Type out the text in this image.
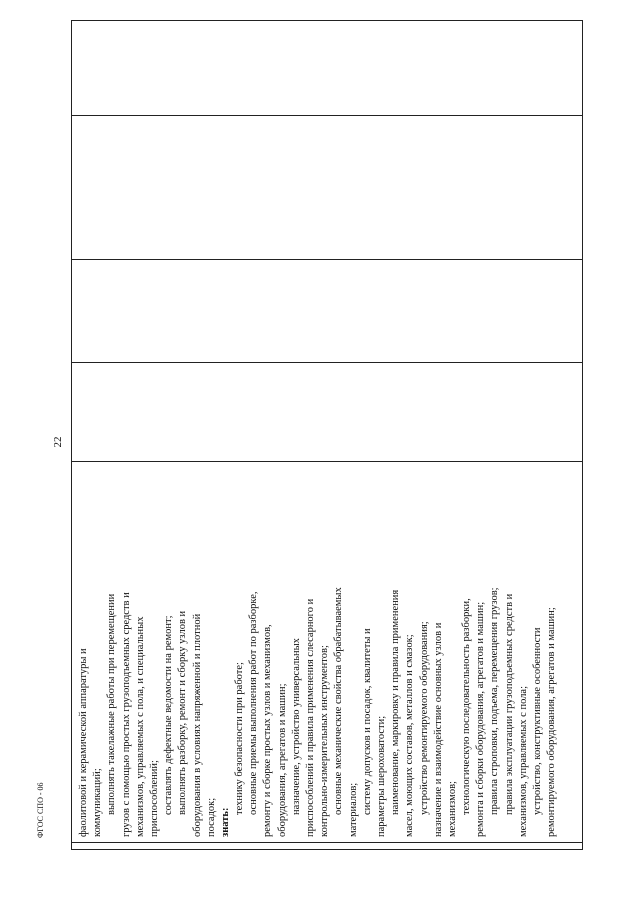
22
фаолитовой и керамической аппаратуры и коммуникаций; выполнять такелажные работы при перемещении грузов с помощью простых грузоподъемных средств и механизмов, управляемых с пола, и специальных приспособлений; составлять дефектные ведомости на ремонт; выполнять разборку, ремонт и сборку узлов и оборудования в условиях напряженной и плотной посадок; знать:
технику безопасности при работе; основные приемы выполнения работ по разборке, ремонту и сборке простых узлов и механизмов, оборудования, агрегатов и машин; назначение, устройство универсальных приспособлений и правила применения слесарного и контрольно-измерительных инструментов; основные механические свойства обрабатываемых материалов; систему допусков и посадок, квалитеты и параметры шероховатости; наименование, маркировку и правила применения масел, моющих составов, металлов и смазок; устройство ремонтируемого оборудования; назначение и взаимодействие основных узлов и механизмов; технологическую последовательность разборки, ремонта и сборки оборудования, агрегатов и машин; правила строповки, подъема, перемещения грузов; правила эксплуатации грузоподъемных средств и механизмов, управляемых с пола; устройство, конструктивные особенности ремонтируемого оборудования, агрегатов и машин;
ФГОС СПО - 06
